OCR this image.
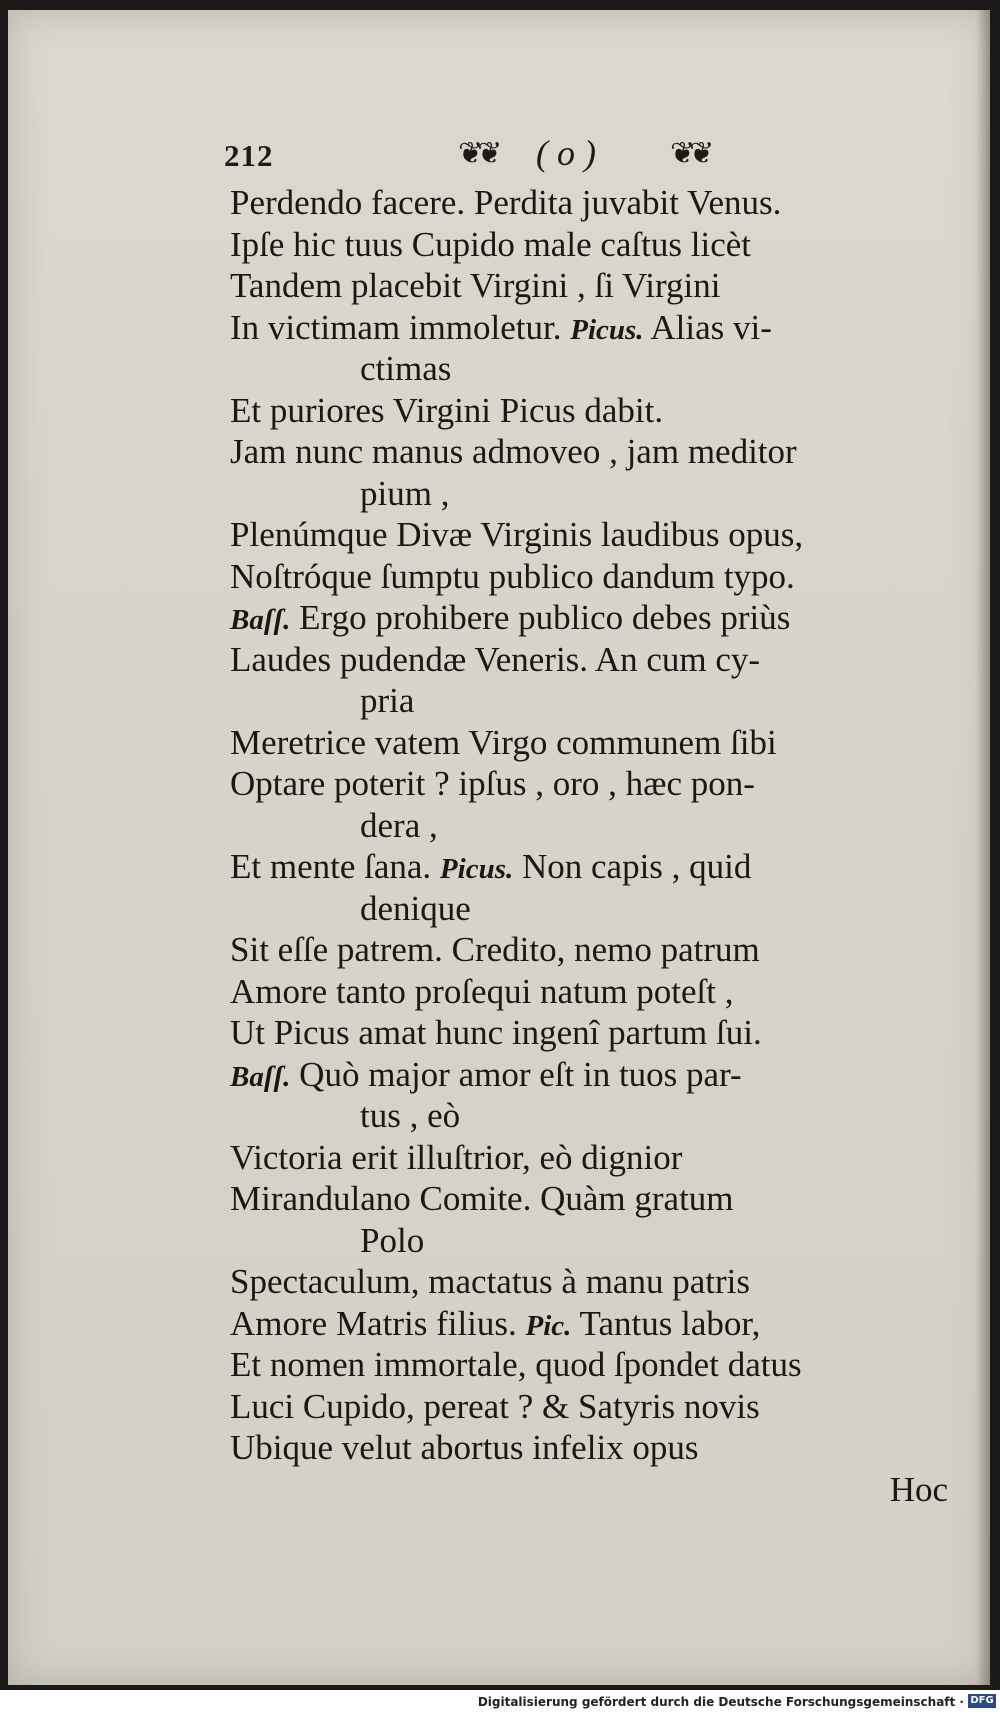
212	❦❦ ( o ) ❦❦
Perdendo facere. Perdita juvabit Venus.
Ipſe hic tuus Cupido male caſtus licèt
Tandem placebit Virgini , ſi Virgini
In victimam immoletur. Picus. Alias vi-
ctimas
Et puriores Virgini Picus dabit.
Jam nunc manus admoveo , jam meditor
pium ,
Plenúmque Divæ Virginis laudibus opus,
Noſtróque ſumptu publico dandum typo.
Baſſ. Ergo prohibere publico debes priùs
Laudes pudendæ Veneris. An cum cy-
pria
Meretrice vatem Virgo communem ſibi
Optare poterit ? ipſus , oro , hæc pon-
dera ,
Et mente ſana. Picus. Non capis , quid
denique
Sit eſſe patrem. Credito, nemo patrum
Amore tanto proſequi natum poteſt ,
Ut Picus amat hunc ingenî partum ſui.
Baſſ. Quò major amor eſt in tuos par-
tus , eò
Victoria erit illuſtrior, eò dignior
Mirandulano Comite. Quàm gratum
Polo
Spectaculum, mactatus à manu patris
Amore Matris filius. Pic. Tantus labor,
Et nomen immortale, quod ſpondet datus
Luci Cupido, pereat ? & Satyris novis
Ubique velut abortus infelix opus
Hoc
Digitalisierung gefördert durch die Deutsche Forschungsgemeinschaft · DFG
